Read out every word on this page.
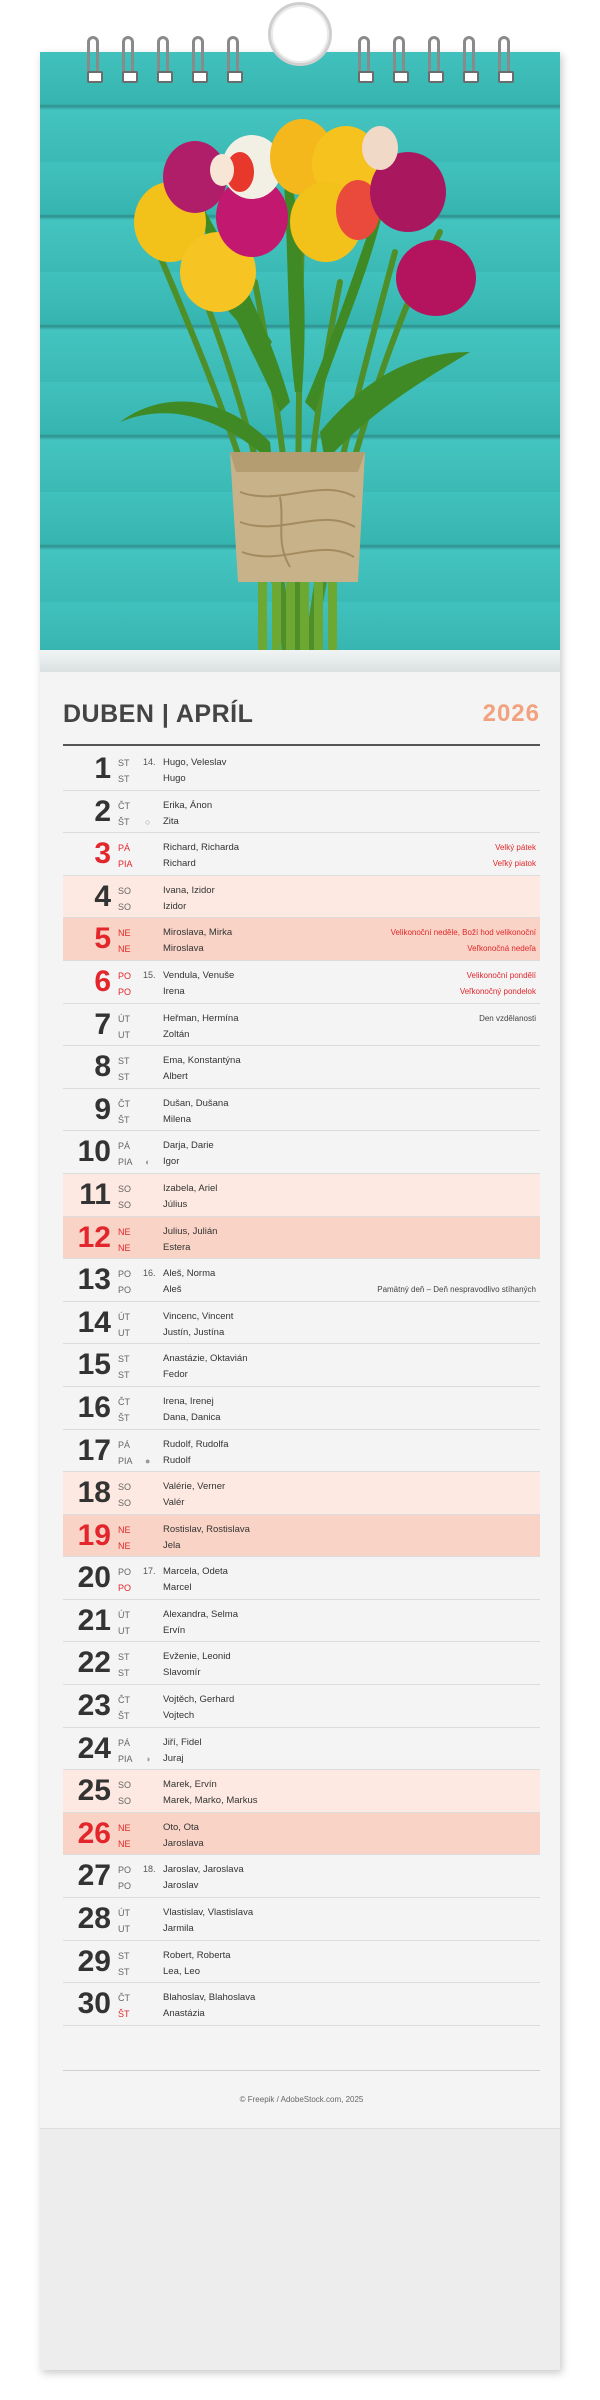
DUBEN | APRÍL	2026
1 ST
ST
14. Hugo, Veleslav
Hugo
2 ČT
ŠT ○
Erika, Ánon
Zita
3 PÁ
PIA
Richard, Richarda
Richard
Velký pátek
Veľký piatok
4 SO
SO
Ivana, Izidor
Izidor
5 NE
NE
Miroslava, Mirka
Miroslava
Velikonoční neděle, Boží hod velikonoční
Veľkonočná nedeľa
6 PO
PO
15. Vendula, Venuše
Irena
Velikonoční pondělí
Veľkonočný pondelok
7 ÚT
UT
Heřman, Hermína
Zoltán
Den vzdělanosti
8 ST
ST
Ema, Konstantýna
Albert
9 ČT
ŠT
Dušan, Dušana
Milena
10 PÁ
PIA ◐
Darja, Darie
Igor
11 SO
SO
Izabela, Ariel
Július
12 NE
NE
Julius, Julián
Estera
13 PO
PO
16. Aleš, Norma
Aleš	Pamätný deň – Deň nespravodlivo stíhaných
14 ÚT
UT
Vincenc, Vincent
Justín, Justína
15 ST
ST
Anastázie, Oktavián
Fedor
16 ČT
ŠT
Irena, Irenej
Dana, Danica
17 PÁ
PIA ●
Rudolf, Rudolfa
Rudolf
18 SO
SO
Valérie, Verner
Valér
19 NE
NE
Rostislav, Rostislava
Jela
20 PO
PO
17. Marcela, Odeta
Marcel
21 ÚT
UT
Alexandra, Selma
Ervín
22 ST
ST
Evženie, Leonid
Slavomír
23 ČT
ŠT
Vojtěch, Gerhard
Vojtech
24 PÁ
PIA ◑
Jiří, Fidel
Juraj
25 SO
SO
Marek, Ervín
Marek, Marko, Markus
26 NE
NE
Oto, Ota
Jaroslava
27 PO
PO
18. Jaroslav, Jaroslava
Jaroslav
28 ÚT
UT
Vlastislav, Vlastislava
Jarmila
29 ST
ST
Robert, Roberta
Lea, Leo
30 ČT
ŠT
Blahoslav, Blahoslava
Anastázia
© Freepik / AdobeStock.com, 2025
